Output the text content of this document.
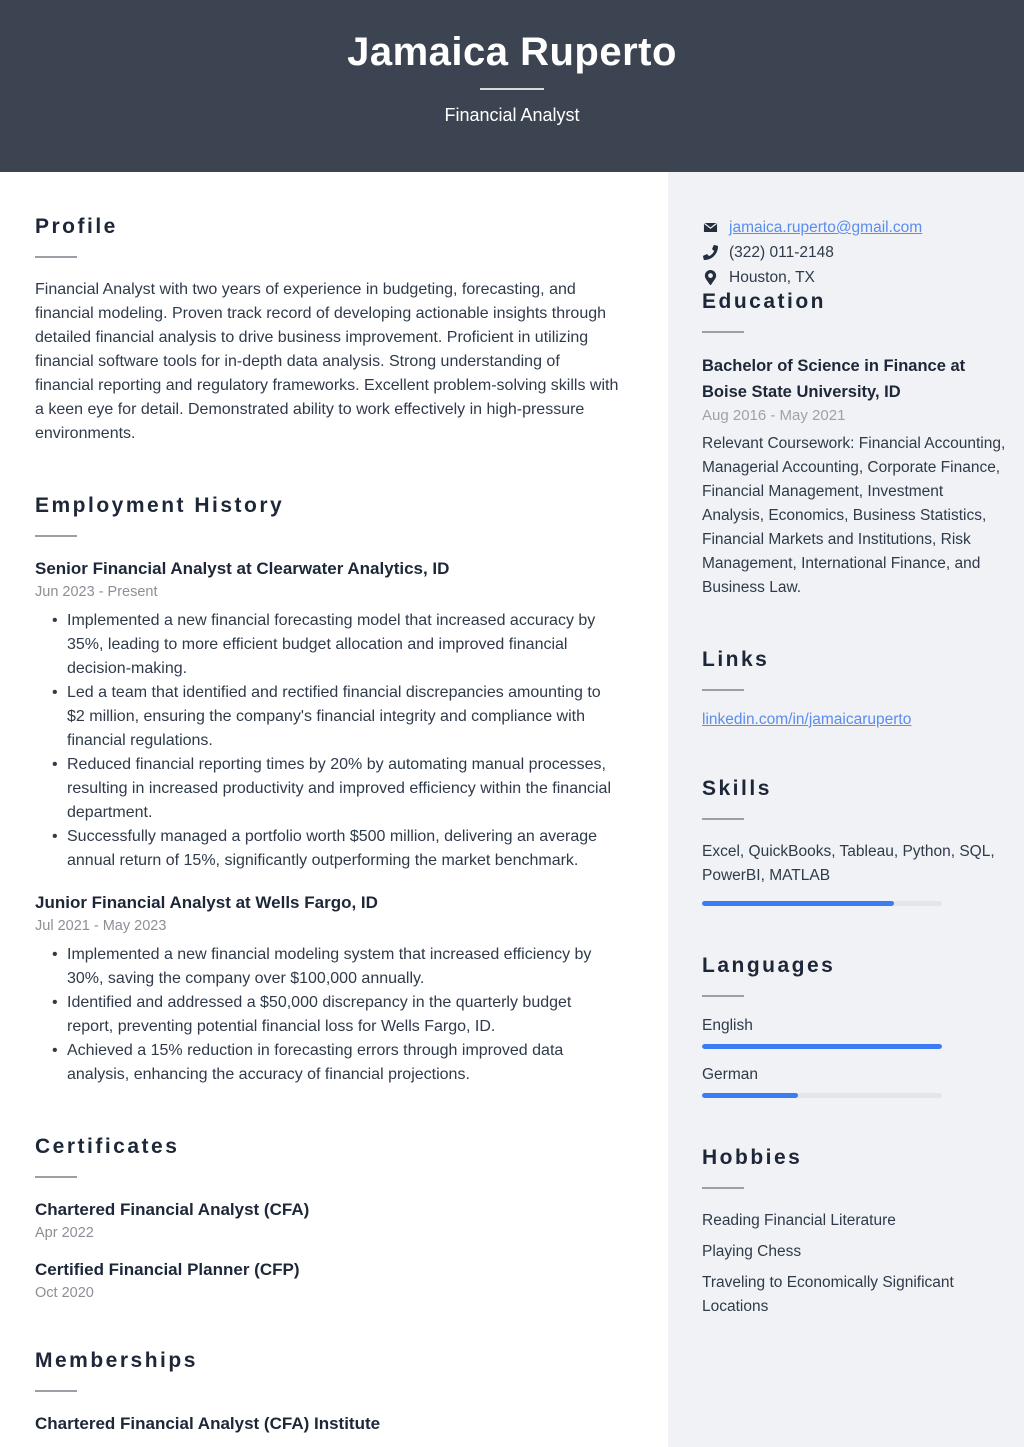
Jamaica Ruperto
Financial Analyst
Profile

Financial Analyst with two years of experience in budgeting, forecasting, and financial modeling. Proven track record of developing actionable insights through detailed financial analysis to drive business improvement. Proficient in utilizing financial software tools for in-depth data analysis. Strong understanding of financial reporting and regulatory frameworks. Excellent problem-solving skills with a keen eye for detail. Demonstrated ability to work effectively in high-pressure environments.

Employment History
Senior Financial Analyst at Clearwater Analytics, ID
Jun 2023 - Present
• Implemented a new financial forecasting model that increased accuracy by 35%, leading to more efficient budget allocation and improved financial decision-making.
• Led a team that identified and rectified financial discrepancies amounting to $2 million, ensuring the company's financial integrity and compliance with financial regulations.
• Reduced financial reporting times by 20% by automating manual processes, resulting in increased productivity and improved efficiency within the financial department.
• Successfully managed a portfolio worth $500 million, delivering an average annual return of 15%, significantly outperforming the market benchmark.
Junior Financial Analyst at Wells Fargo, ID
Jul 2021 - May 2023
• Implemented a new financial modeling system that increased efficiency by 30%, saving the company over $100,000 annually.
• Identified and addressed a $50,000 discrepancy in the quarterly budget report, preventing potential financial loss for Wells Fargo, ID.
• Achieved a 15% reduction in forecasting errors through improved data analysis, enhancing the accuracy of financial projections.
Certificates
Chartered Financial Analyst (CFA)
Apr 2022
Certified Financial Planner (CFP)
Oct 2020
Memberships
Chartered Financial Analyst (CFA) Institute
jamaica.ruperto@gmail.com
(322) 011-2148
Houston, TX
Education
Bachelor of Science in Finance at Boise State University, ID
Aug 2016 - May 2021

Relevant Coursework: Financial Accounting, Managerial Accounting, Corporate Finance, Financial Management, Investment Analysis, Economics, Business Statistics, Financial Markets and Institutions, Risk Management, International Finance, and Business Law.

Links
linkedin.com/in/jamaicaruperto
Skills

Excel, QuickBooks, Tableau, Python, SQL, PowerBI, MATLAB

Languages
English
German
Hobbies
Reading Financial Literature
Playing Chess
Traveling to Economically Significant Locations
